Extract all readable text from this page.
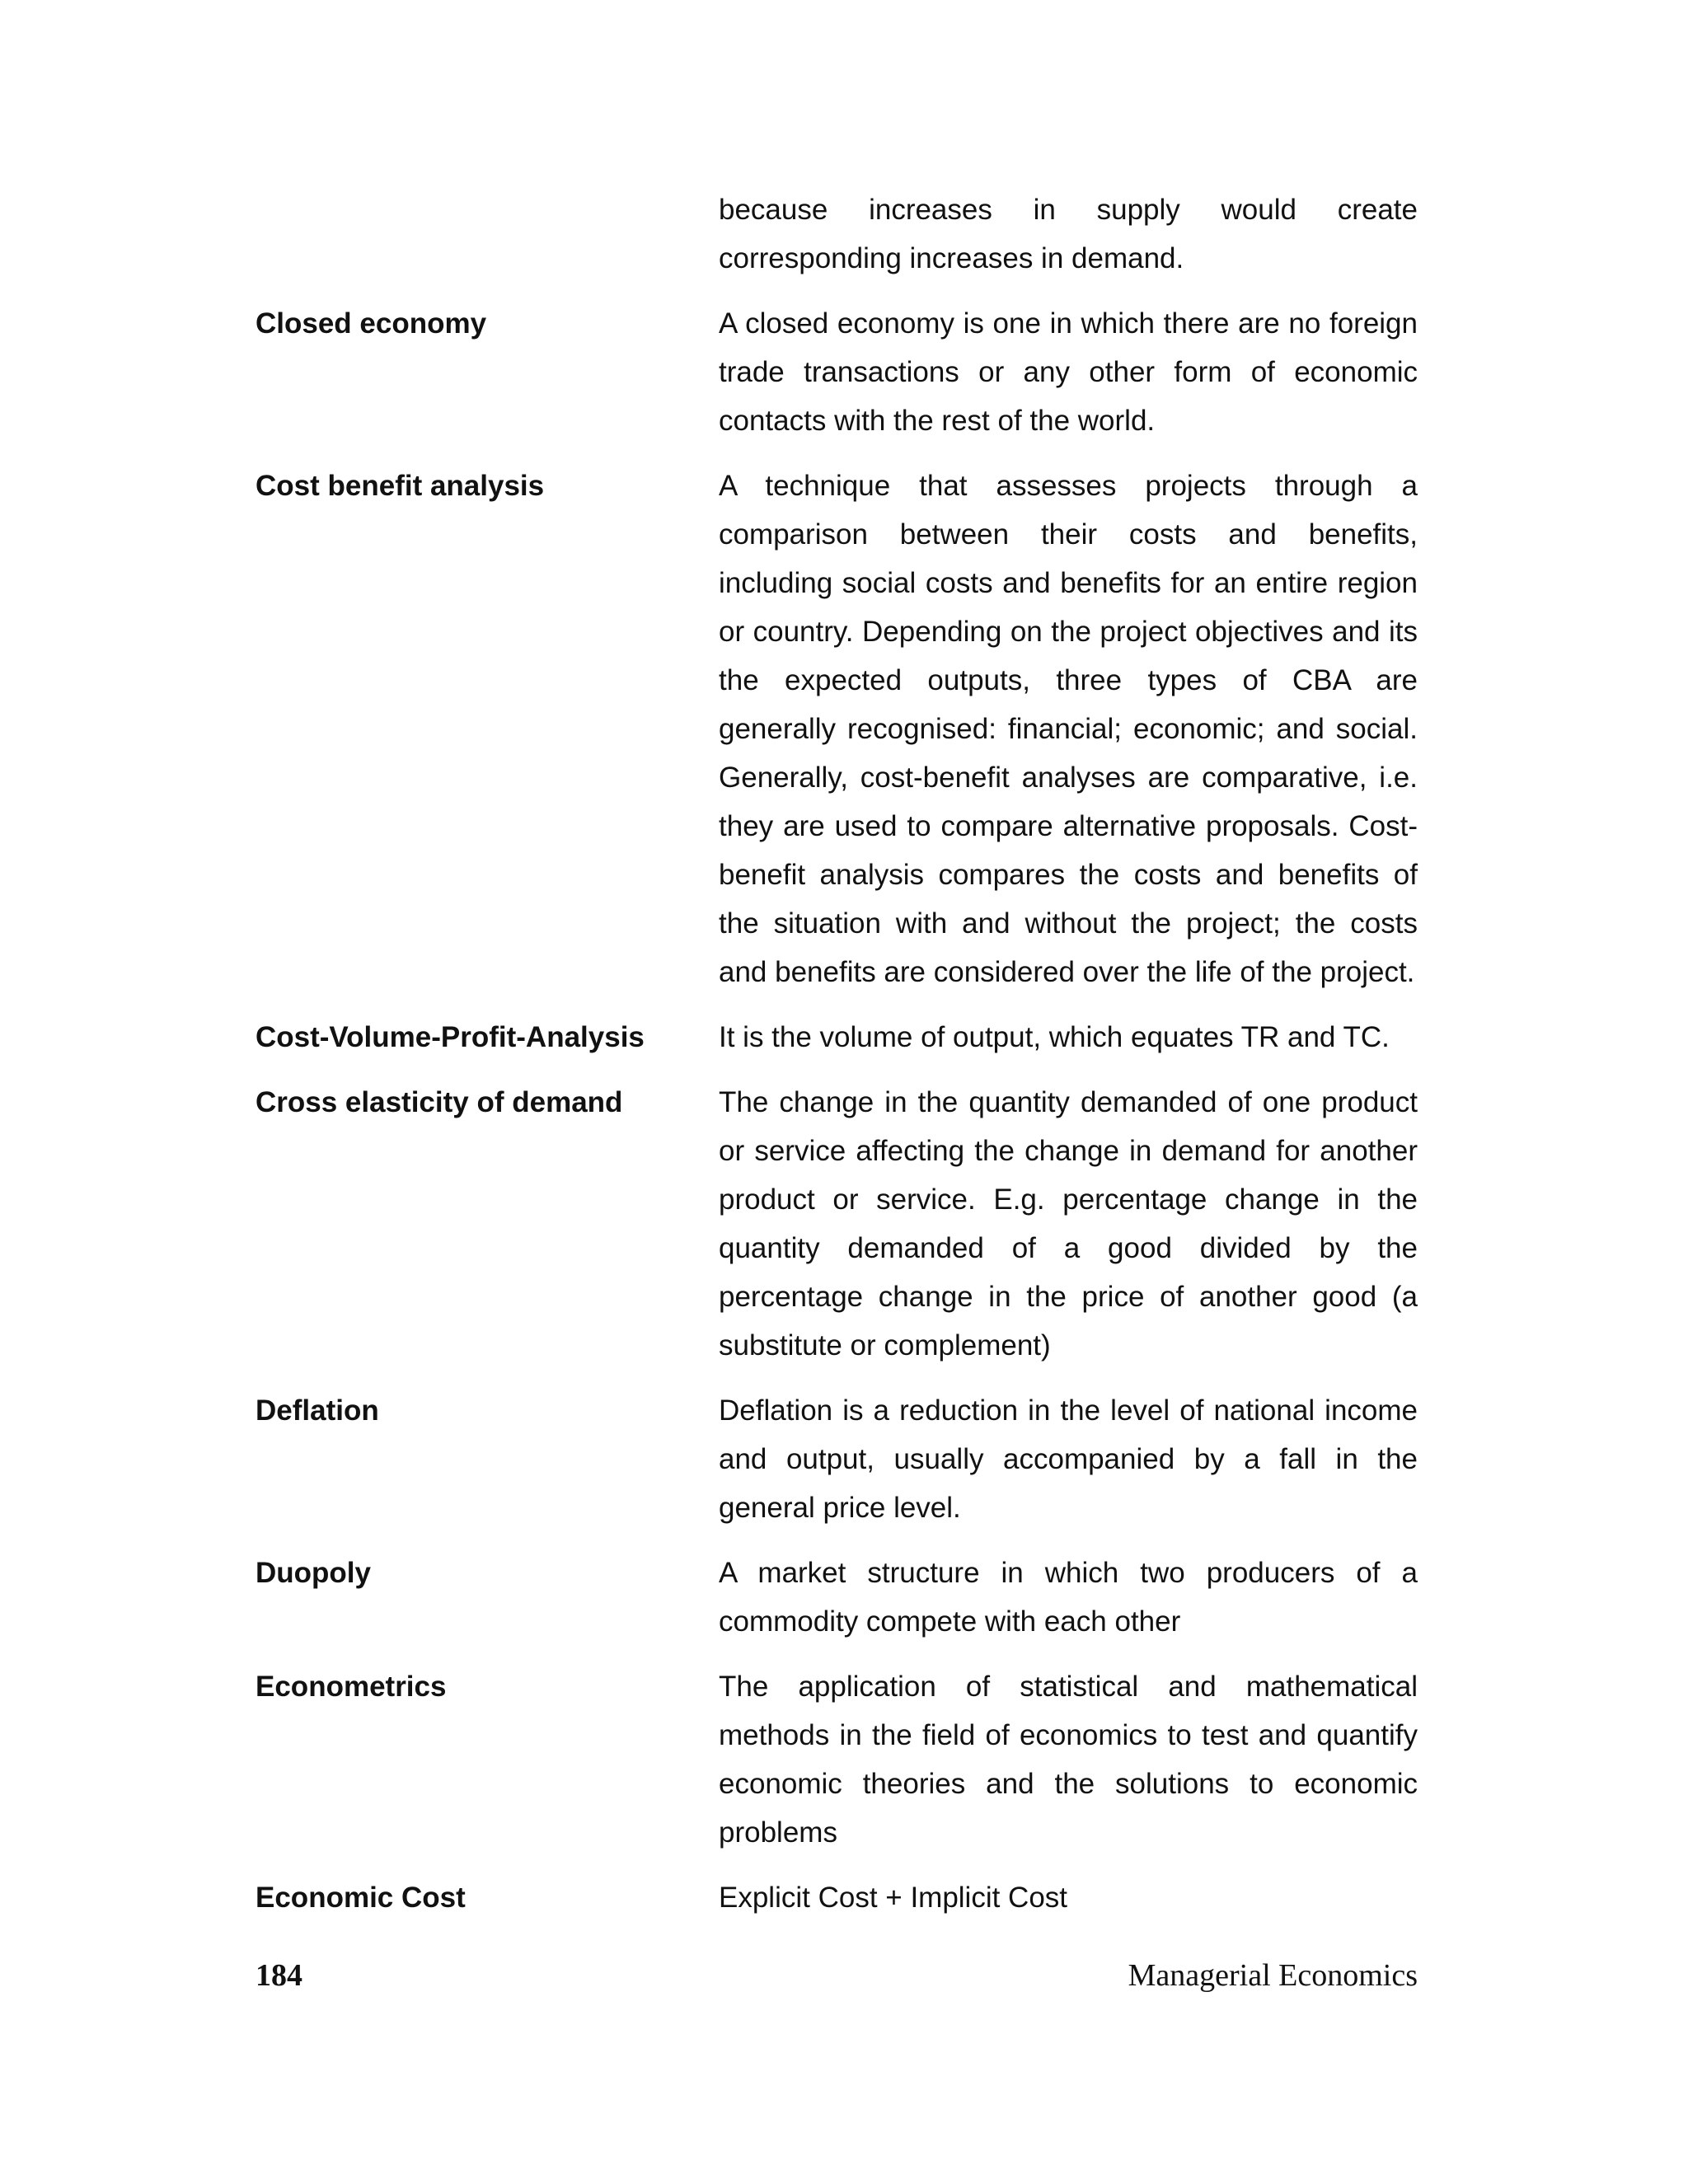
because increases in supply would create corresponding increases in demand.
Closed economy	A closed economy is one in which there are no foreign trade transactions or any other form of economic contacts with the rest of the world.
Cost benefit analysis	A technique that assesses projects through a comparison between their costs and benefits, including social costs and benefits for an entire region or country. Depending on the project objectives and its the expected outputs, three types of CBA are generally recognised: financial; economic; and social. Generally, cost-benefit analyses are comparative, i.e. they are used to compare alternative proposals. Cost-benefit analysis compares the costs and benefits of the situation with and without the project; the costs and benefits are considered over the life of the project.
Cost-Volume-Profit-Analysis	It is the volume of output, which equates TR and TC.
Cross elasticity of demand	The change in the quantity demanded of one product or service affecting the change in demand for another product or service. E.g. percentage change in the quantity demanded of a good divided by the percentage change in the price of another good (a substitute or complement)
Deflation	Deflation is a reduction in the level of national income and output, usually accompanied by a fall in the general price level.
Duopoly	A market structure in which two producers of a commodity compete with each other
Econometrics	The application of statistical and mathematical methods in the field of economics to test and quantify economic theories and the solutions to economic problems
Economic Cost	Explicit Cost + Implicit Cost
184	Managerial Economics
